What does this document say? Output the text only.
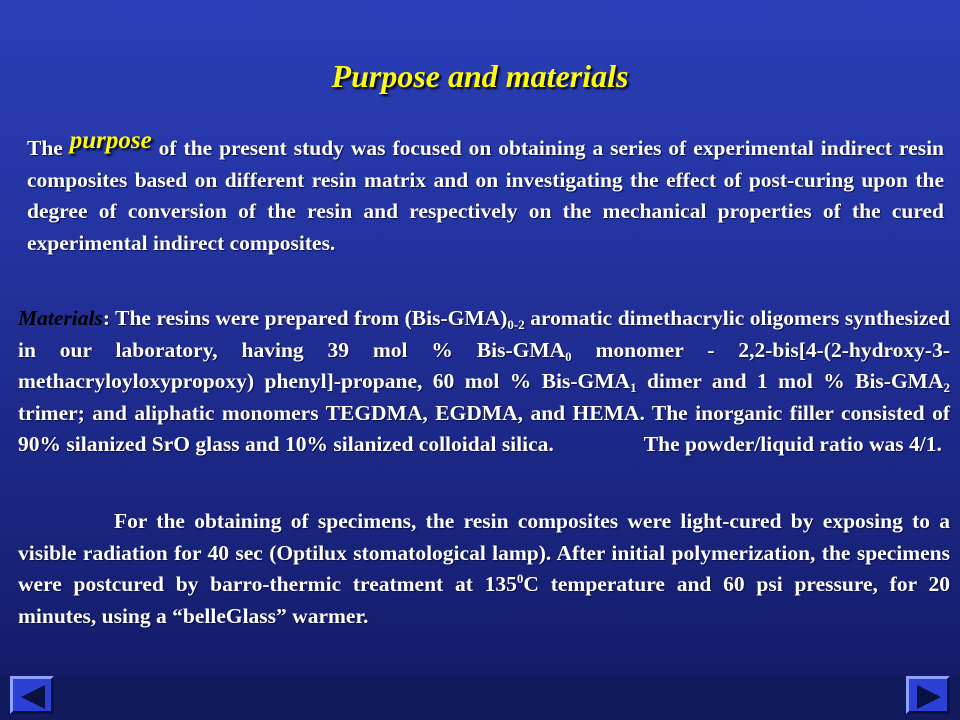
Purpose and materials
The purpose of the present study was focused on obtaining a series of experimental indirect resin composites based on different resin matrix and on investigating the effect of post-curing upon the degree of conversion of the resin and respectively on the mechanical properties of the cured experimental indirect composites.
Materials: The resins were prepared from $(Bis-GMA)_{0-2}$ aromatic dimethacrylic oligomers synthesized in our laboratory, having 39 mol % Bis-$GMA_0$ monomer - 2,2-bis[4-(2-hydroxy-3-methacryloyloxypropoxy) phenyl]-propane, 60 mol % Bis-$GMA_1$ dimer and 1 mol % Bis-$GMA_2$ trimer; and aliphatic monomers TEGDMA, EGDMA, and HEMA. The inorganic filler consisted of 90% silanized SrO glass and 10% silanized colloidal silica.	The powder/liquid ratio was 4/1.
For the obtaining of specimens, the resin composites were light-cured by exposing to a visible radiation for 40 sec (Optilux stomatological lamp). After initial polymerization, the specimens were postcured by barro-thermic treatment at $135^0C$ temperature and 60 psi pressure, for 20 minutes, using a “belleGlass” warmer.
